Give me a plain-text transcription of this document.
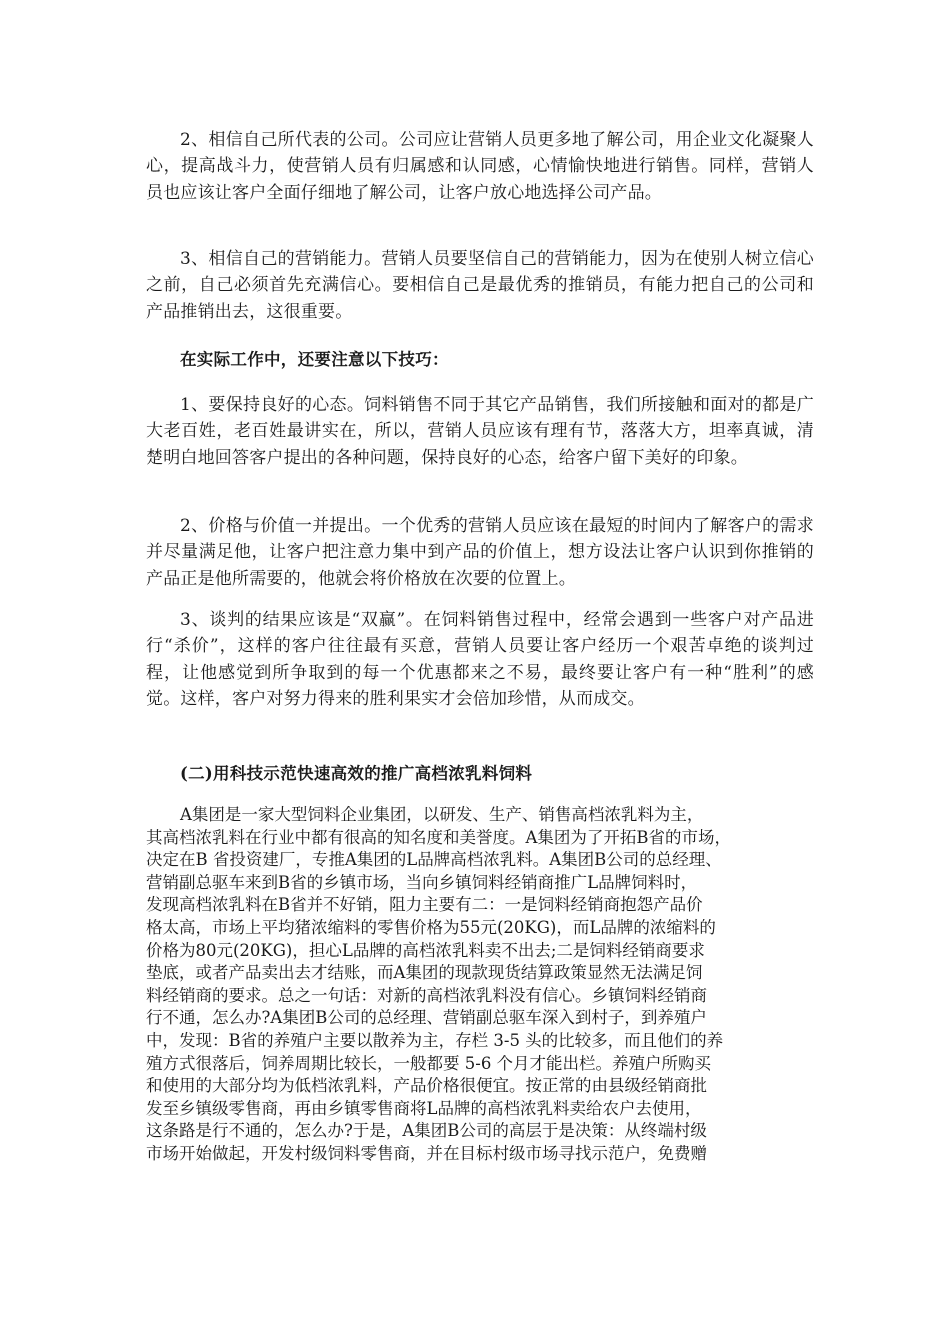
2、相信自己所代表的公司。公司应让营销人员更多地了解公司，用企业文化凝聚人心，提高战斗力，使营销人员有归属感和认同感，心情愉快地进行销售。同样，营销人员也应该让客户全面仔细地了解公司，让客户放心地选择公司产品。

3、相信自己的营销能力。营销人员要坚信自己的营销能力，因为在使别人树立信心之前，自己必须首先充满信心。要相信自己是最优秀的推销员，有能力把自己的公司和产品推销出去，这很重要。

在实际工作中，还要注意以下技巧：

1、要保持良好的心态。饲料销售不同于其它产品销售，我们所接触和面对的都是广大老百姓，老百姓最讲实在，所以，营销人员应该有理有节，落落大方，坦率真诚，清楚明白地回答客户提出的各种问题，保持良好的心态，给客户留下美好的印象。

2、价格与价值一并提出。一个优秀的营销人员应该在最短的时间内了解客户的需求并尽量满足他，让客户把注意力集中到产品的价值上，想方设法让客户认识到你推销的产品正是他所需要的，他就会将价格放在次要的位置上。

3、谈判的结果应该是“双赢”。在饲料销售过程中，经常会遇到一些客户对产品进行“杀价”，这样的客户往往最有买意，营销人员要让客户经历一个艰苦卓绝的谈判过程，让他感觉到所争取到的每一个优惠都来之不易，最终要让客户有一种“胜利”的感觉。这样，客户对努力得来的胜利果实才会倍加珍惜，从而成交。

(二)用科技示范快速高效的推广高档浓乳料饲料

A集团是一家大型饲料企业集团，以研发、生产、销售高档浓乳料为主，
其高档浓乳料在行业中都有很高的知名度和美誉度。A集团为了开拓B省的市场，
决定在B 省投资建厂，专推A集团的L品牌高档浓乳料。A集团B公司的总经理、
营销副总驱车来到B省的乡镇市场，当向乡镇饲料经销商推广L品牌饲料时，
发现高档浓乳料在B省并不好销，阻力主要有二：一是饲料经销商抱怨产品价
格太高，市场上平均猪浓缩料的零售价格为55元(20KG)，而L品牌的浓缩料的
价格为80元(20KG)，担心L品牌的高档浓乳料卖不出去;二是饲料经销商要求
垫底，或者产品卖出去才结账，而A集团的现款现货结算政策显然无法满足饲
料经销商的要求。总之一句话：对新的高档浓乳料没有信心。乡镇饲料经销商
行不通，怎么办?A集团B公司的总经理、营销副总驱车深入到村子，到养殖户
中，发现：B省的养殖户主要以散养为主，存栏 3-5 头的比较多，而且他们的养
殖方式很落后，饲养周期比较长，一般都要 5-6 个月才能出栏。养殖户所购买
和使用的大部分均为低档浓乳料，产品价格很便宜。按正常的由县级经销商批
发至乡镇级零售商，再由乡镇零售商将L品牌的高档浓乳料卖给农户去使用，
这条路是行不通的，怎么办?于是，A集团B公司的高层于是决策：从终端村级
市场开始做起，开发村级饲料零售商，并在目标村级市场寻找示范户，免费赠
